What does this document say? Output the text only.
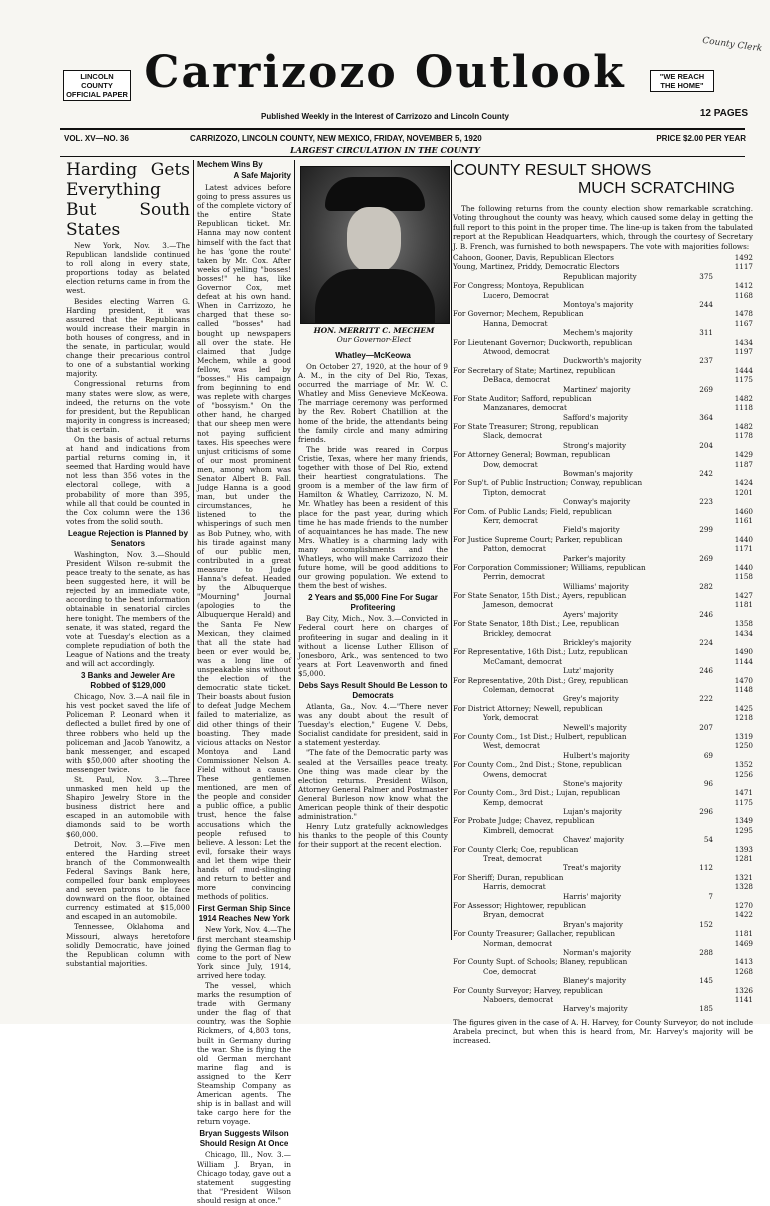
County Clerk
LINCOLN COUNTY OFFICIAL PAPER
"WE REACH THE HOME"
Carrizozo Outlook
Published Weekly in the Interest of Carrizozo and Lincoln County	12 PAGES
VOL. XV—NO. 36	CARRIZOZO, LINCOLN COUNTY, NEW MEXICO, FRIDAY, NOVEMBER 5, 1920	PRICE $2.00 PER YEAR
LARGEST CIRCULATION IN THE COUNTY

Harding Gets Everything But South States

New York, Nov. 3.—The Republican landslide continued to roll along in every state, proportions today as belated election returns came in from the west.

Besides electing Warren G. Harding president, it was assured that the Republicans would increase their margin in both houses of congress, and in the senate, in particular, would change their precarious control to one of a substantial working majority.

Congressional returns from many states were slow, as were, indeed, the returns on the vote for president, but the Republican majority in congress is increased; that is certain.

On the basis of actual returns at hand and indications from partial returns coming in, it seemed that Harding would have not less than 356 votes in the electoral college, with a probability of more than 395, while all that could be counted in the Cox column were the 136 votes from the solid south.

League Rejection is Planned by Senators

Washington, Nov. 3.—Should President Wilson re-submit the peace treaty to the senate, as has been suggested here, it will be rejected by an immediate vote, according to the best information obtainable in senatorial circles here tonight. The members of the senate, it was stated, regard the vote at Tuesday's election as a complete repudiation of both the League of Nations and the treaty and will act accordingly.

3 Banks and Jeweler Are Robbed of $129,000

Chicago, Nov. 3.—A nail file in his vest pocket saved the life of Policeman P. Leonard when it deflected a bullet fired by one of three robbers who held up the policeman and Jacob Yanowitz, a bank messenger, and escaped with $50,000 after shooting the messenger twice.

St. Paul, Nov. 3.—Three unmasked men held up the Shapiro Jewelry Store in the business district here and escaped in an automobile with diamonds said to be worth $60,000.

Detroit, Nov. 3.—Five men entered the Harding street branch of the Commonwealth Federal Savings Bank here, compelled four bank employees and seven patrons to lie face downward on the floor, obtained currency estimated at $15,000 and escaped in an automobile.

Tennessee, Oklahoma and Missouri, always heretofore solidly Democratic, have joined the Republican column with substantial majorities.

Mechem Wins By
A Safe Majority

Latest advices before going to press assures us of the complete victory of the entire State Republican ticket. Mr. Hanna may now content himself with the fact that he has 'gone the route' taken by Mr. Cox. After weeks of yelling "bosses! bosses!" he has, like Governor Cox, met defeat at his own hand. When in Carrizozo, he charged that these so-called "bosses" had bought up newspapers all over the state. He claimed that Judge Mechem, while a good fellow, was led by "bosses." His campaign from beginning to end was replete with charges of "bossyism." On the other hand, he charged that our sheep men were not paying sufficient taxes. His speeches were unjust criticisms of some of our most prominent men, among whom was Senator Albert B. Fall. Judge Hanna is a good man, but under the circumstances, he listened to the whisperings of such men as Bob Putney, who, with his tirade against many of our public men, contributed in a great measure to Judge Hanna's defeat. Headed by the Albuquerque "Mourning" Journal (apologies to the Albuquerque Herald) and the Santa Fe New Mexican, they claimed that all the state had been or ever would be, was a long line of unspeakable sins without the election of the democratic state ticket. Their boasts about fusion to defeat Judge Mechem failed to materialize, as did other things of their boasting. They made vicious attacks on Nestor Montoya and Land Commissioner Nelson A. Field without a cause. These gentlemen mentioned, are men of the people and consider a public office, a public trust, hence the false accusations which the people refused to believe. A lesson: Let the evil, forsake their ways and let them wipe their hands of mud-slinging and return to better and more convincing methods of politics.

First German Ship Since 1914 Reaches New York

New York, Nov. 4.—The first merchant steamship flying the German flag to come to the port of New York since July, 1914, arrived here today.

The vessel, which marks the resumption of trade with Germany under the flag of that country, was the Sophie Rickmers, of 4,803 tons, built in Germany during the war. She is flying the old German merchant marine flag and is assigned to the Kerr Steamship Company as American agents. The ship is in ballast and will take cargo here for the return voyage.

Bryan Suggests Wilson Should Resign At Once

Chicago, Ill., Nov. 3.—William J. Bryan, in Chicago today, gave out a statement suggesting that "President Wilson should resign at once."

HON. MERRITT C. MECHEM
Our Governor-Elect
Whatley—McKeowa

On October 27, 1920, at the hour of 9 A. M., in the city of Del Rio, Texas, occurred the marriage of Mr. W. C. Whatley and Miss Genevieve McKeowa. The marriage ceremony was performed by the Rev. Robert Chatillion at the home of the bride, the attendants being the family circle and many admiring friends.

The bride was reared in Corpus Cristie, Texas, where her many friends, together with those of Del Rio, extend their heartiest congratulations. The groom is a member of the law firm of Hamilton & Whatley, Carrizozo, N. M. Mr. Whatley has been a resident of this place for the past year, during which time he has made friends to the number of acquaintances he has made. The new Mrs. Whatley is a charming lady with many accomplishments and the Whatleys, who will make Carrizozo their future home, will be good additions to our growing population. We extend to them the best of wishes.

2 Years and $5,000 Fine For Sugar Profiteering

Bay City, Mich., Nov. 3.—Convicted in Federal court here on charges of profiteering in sugar and dealing in it without a license Luther Ellison of Jonesboro, Ark., was sentenced to two years at Fort Leavenworth and fined $5,000.

Debs Says Result Should Be Lesson to Democrats

Atlanta, Ga., Nov. 4.—"There never was any doubt about the result of Tuesday's election," Eugene V. Debs, Socialist candidate for president, said in a statement yesterday.

"The fate of the Democratic party was sealed at the Versailles peace treaty. One thing was made clear by the election returns. President Wilson, Attorney General Palmer and Postmaster General Burleson now know what the American people think of their despotic administration."

Henry Lutz gratefully acknowledges his thanks to the people of this County for their support at the recent election.

COUNTY RESULT SHOWS
MUCH SCRATCHING
The following returns from the county election show remarkable scratching. Voting throughout the county was heavy, which caused some delay in getting the full report to this point in the proper time. The line-up is taken from the tabulated report at the Republican Headquarters, which, through the courtesy of Secretary J. B. French, was furnished to both newspapers. The vote with majorities follows:
Cahoon, Gooner, Davis, Republican Electors	1492
Young, Martinez, Priddy, Democratic Electors	1117
Republican majority	375
For Congress; Montoya, Republican	1412
Lucero, Democrat	1168
Montoya's majority	244
For Governor; Mechem, Republican	1478
Hanna, Democrat	1167
Mechem's majority	311
For Lieutenant Governor; Duckworth, republican	1434
Atwood, democrat	1197
Duckworth's majority	237
For Secretary of State; Martinez, republican	1444
DeBaca, democrat	1175
Martinez' majority	269
For State Auditor; Safford, republican	1482
Manzanares, democrat	1118
Safford's majority	364
For State Treasurer; Strong, republican	1482
Slack, democrat	1178
Strong's majority	204
For Attorney General; Bowman, republican	1429
Dow, democrat	1187
Bowman's majority	242
For Sup't. of Public Instruction; Conway, republican	1424
Tipton, democrat	1201
Conway's majority	223
For Com. of Public Lands; Field, republican	1460
Kerr, democrat	1161
Field's majority	299
For Justice Supreme Court; Parker, republican	1440
Patton, democrat	1171
Parker's majority	269
For Corporation Commissioner; Williams, republican	1440
Perrin, democrat	1158
Williams' majority	282
For State Senator, 15th Dist.; Ayers, republican	1427
Jameson, democrat	1181
Ayers' majority	246
For State Senator, 18th Dist.; Lee, republican	1358
Brickley, democrat	1434
Brickley's majority	224
For Representative, 16th Dist.; Lutz, republican	1490
McCamant, democrat	1144
Lutz' majority	246
For Representative, 20th Dist.; Grey, republican	1470
Coleman, democrat	1148
Grey's majority	222
For District Attorney; Newell, republican	1425
York, democrat	1218
Newell's majority	207
For County Com., 1st Dist.; Hulbert, republican	1319
West, democrat	1250
Hulbert's majority	69
For County Com., 2nd Dist.; Stone, republican	1352
Owens, democrat	1256
Stone's majority	96
For County Com., 3rd Dist.; Lujan, republican	1471
Kemp, democrat	1175
Lujan's majority	296
For Probate Judge; Chavez, republican	1349
Kimbrell, democrat	1295
Chavez' majority	54
For County Clerk; Coe, republican	1393
Treat, democrat	1281
Treat's majority	112
For Sheriff; Duran, republican	1321
Harris, democrat	1328
Harris' majority	7
For Assessor; Hightower, republican	1270
Bryan, democrat	1422
Bryan's majority	152
For County Treasurer; Gallacher, republican	1181
Norman, democrat	1469
Norman's majority	288
For County Supt. of Schools; Blaney, republican	1413
Coe, democrat	1268
Blaney's majority	145
For County Surveyor; Harvey, republican	1326
Naboers, democrat	1141
Harvey's majority	185
The figures given in the case of A. H. Harvey, for County Surveyor, do not include Arabela precinct, but when this is heard from, Mr. Harvey's majority will be increased.
